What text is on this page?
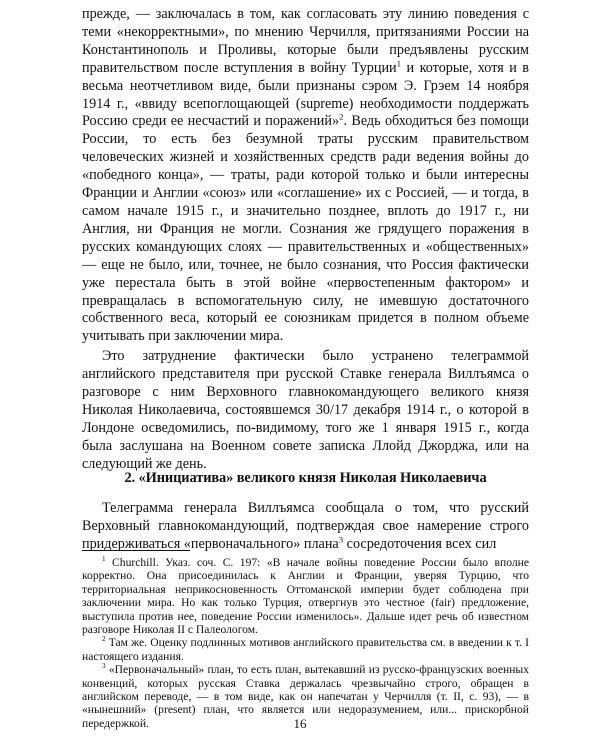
прежде, — заключалась в том, как согласовать эту линию поведения с теми «некорректными», по мнению Черчилля, притязаниями России на Константинополь и Проливы, которые были предъявлены русским правительством после вступления в войну Турции$^1$ и которые, хотя и в весьма неотчетливом виде, были признаны сэром Э. Грэем 14 ноября 1914 г., «ввиду всепоглощающей (supreme) необходимости поддержать Россию среди ее несчастий и поражений»$^2$. Ведь обходиться без помощи России, то есть без безумной траты русским правительством человеческих жизней и хозяйственных средств ради ведения войны до «победного конца», — траты, ради которой только и были интересны Франции и Англии «союз» или «соглашение» их с Россией, — и тогда, в самом начале 1915 г., и значительно позднее, вплоть до 1917 г., ни Англия, ни Франция не могли. Сознания же грядущего поражения в русских командующих слоях — правительственных и «общественных» — еще не было, или, точнее, не было сознания, что Россия фактически уже перестала быть в этой войне «первостепенным фактором» и превращалась в вспомогательную силу, не имевшую достаточного собственного веса, который ее союзникам придется в полном объеме учитывать при заключении мира.

Это затруднение фактически было устранено телеграммой английского представителя при русской Ставке генерала Виллъямса о разговоре с ним Верховного главнокомандующего великого князя Николая Николаевича, состоявшемся 30/17 декабря 1914 г., о которой в Лондоне осведомились, по-видимому, того же 1 января 1915 г., когда была заслушана на Военном совете записка Ллойд Джорджа, или на следующий же день.

2. «Инициатива» великого князя Николая Николаевича

Телеграмма генерала Виллъямса сообщала о том, что русский Верховный главнокомандующий, подтверждая свое намерение строго придерживаться «первоначального» плана$^3$ сосредоточения всех сил

$^1$ Churchill. Указ. соч. С. 197: «В начале войны поведение России было вполне корректно. Она присоединилась к Англии и Франции, уверяя Турцию, что территориальная неприкосновенность Оттоманской империи будет соблюдена при заключении мира. Но как только Турция, отвергнув это честное (fair) предложение, выступила против нее, поведение России изменилось». Дальше идет речь об известном разговоре Николая II с Палеологом.

$^2$ Там же. Оценку подлинных мотивов английского правительства см. в введении к т. I настоящего издания.

$^3$ «Первоначальный» план, то есть план, вытекавший из русско-французских военных конвенций, которых русская Ставка держалась чрезвычайно строго, обращен в английском переводе, — в том виде, как он напечатан у Черчилля (т. II, с. 93), — в «нынешний» (present) план, что является или недоразумением, или... прискорбной передержкой.	16
